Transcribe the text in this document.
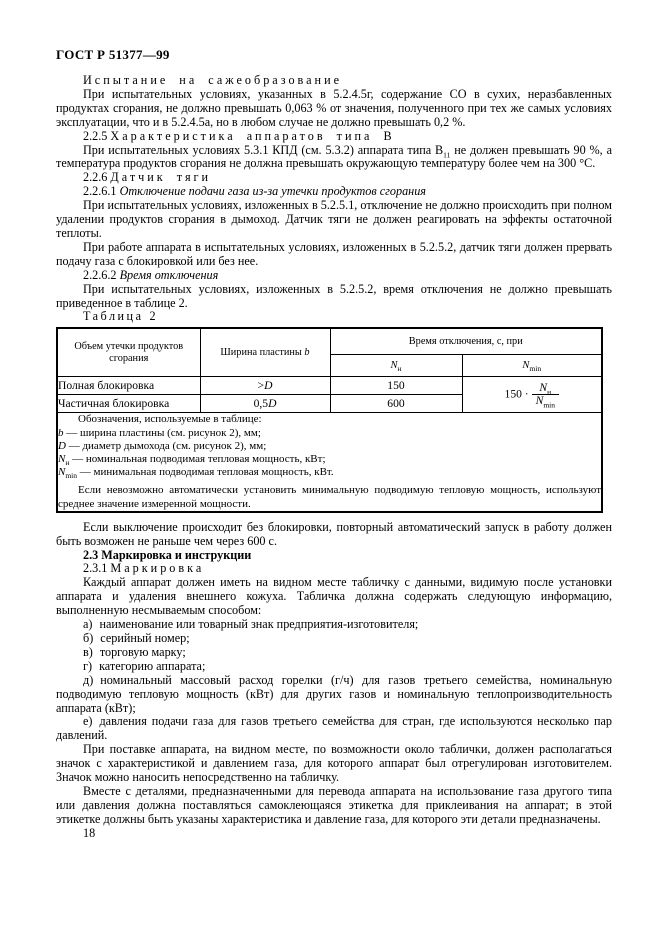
ГОСТ Р 51377—99

Испытание на сажеобразование

При испытательных условиях, указанных в 5.2.4.5г, содержание СО в сухих, неразбавленных продуктах сгорания, не должно превышать 0,063 % от значения, полученного при тех же самых условиях эксплуатации, что и в 5.2.4.5а, но в любом случае не должно превышать 0,2 %.

2.2.5 Характеристика аппаратов типа В

При испытательных условиях 5.3.1 КПД (см. 5.3.2) аппарата типа $В_{11}$ не должен превышать 90 %, а температура продуктов сгорания не должна превышать окружающую температуру более чем на 300 °С.

2.2.6 Датчик тяги

2.2.6.1 Отключение подачи газа из-за утечки продуктов сгорания

При испытательных условиях, изложенных в 5.2.5.1, отключение не должно происходить при полном удалении продуктов сгорания в дымоход. Датчик тяги не должен реагировать на эффекты остаточной теплоты.

При работе аппарата в испытательных условиях, изложенных в 5.2.5.2, датчик тяги должен прервать подачу газа с блокировкой или без нее.

2.2.6.2 Время отключения

При испытательных условиях, изложенных в 5.2.5.2, время отключения не должно превышать приведенное в таблице 2.

Таблица 2

Объем утечки продуктов сгорания	Ширина пластины b	Время отключения, с, при	
		$N_н$	$N_{min}$
Полная блокировка	>D	150	$150 \cdot \frac{N_н}{N_{min}}$

Частичная блокировка	0,5D	600	

Обозначения, используемые в таблице:
b — ширина пластины (см. рисунок 2), мм;
D — диаметр дымохода (см. рисунок 2), мм;
$N_н$ — номинальная подводимая тепловая мощность, кВт;
$N_{min}$ — минимальная подводимая тепловая мощность, кВт.
Если невозможно автоматически установить минимальную подводимую тепловую мощность, используют среднее значение измеренной мощности.

Если выключение происходит без блокировки, повторный автоматический запуск в работу должен быть возможен не раньше чем через 600 с.

2.3 Маркировка и инструкции

2.3.1 Маркировка

Каждый аппарат должен иметь на видном месте табличку с данными, видимую после установки аппарата и удаления внешнего кожуха. Табличка должна содержать следующую информацию, выполненную несмываемым способом:

а) наименование или товарный знак предприятия-изготовителя;

б) серийный номер;

в) торговую марку;

г) категорию аппарата;

д) номинальный массовый расход горелки (г/ч) для газов третьего семейства, номинальную подводимую тепловую мощность (кВт) для других газов и номинальную теплопроизводительность аппарата (кВт);

е) давления подачи газа для газов третьего семейства для стран, где используются несколько пар давлений.

При поставке аппарата, на видном месте, по возможности около таблички, должен располагаться значок с характеристикой и давлением газа, для которого аппарат был отрегулирован изготовителем. Значок можно наносить непосредственно на табличку.

Вместе с деталями, предназначенными для перевода аппарата на использование газа другого типа или давления должна поставляться самоклеющаяся этикетка для приклеивания на аппарат; в этой этикетке должны быть указаны характеристика и давление газа, для которого эти детали предназначены.

18
